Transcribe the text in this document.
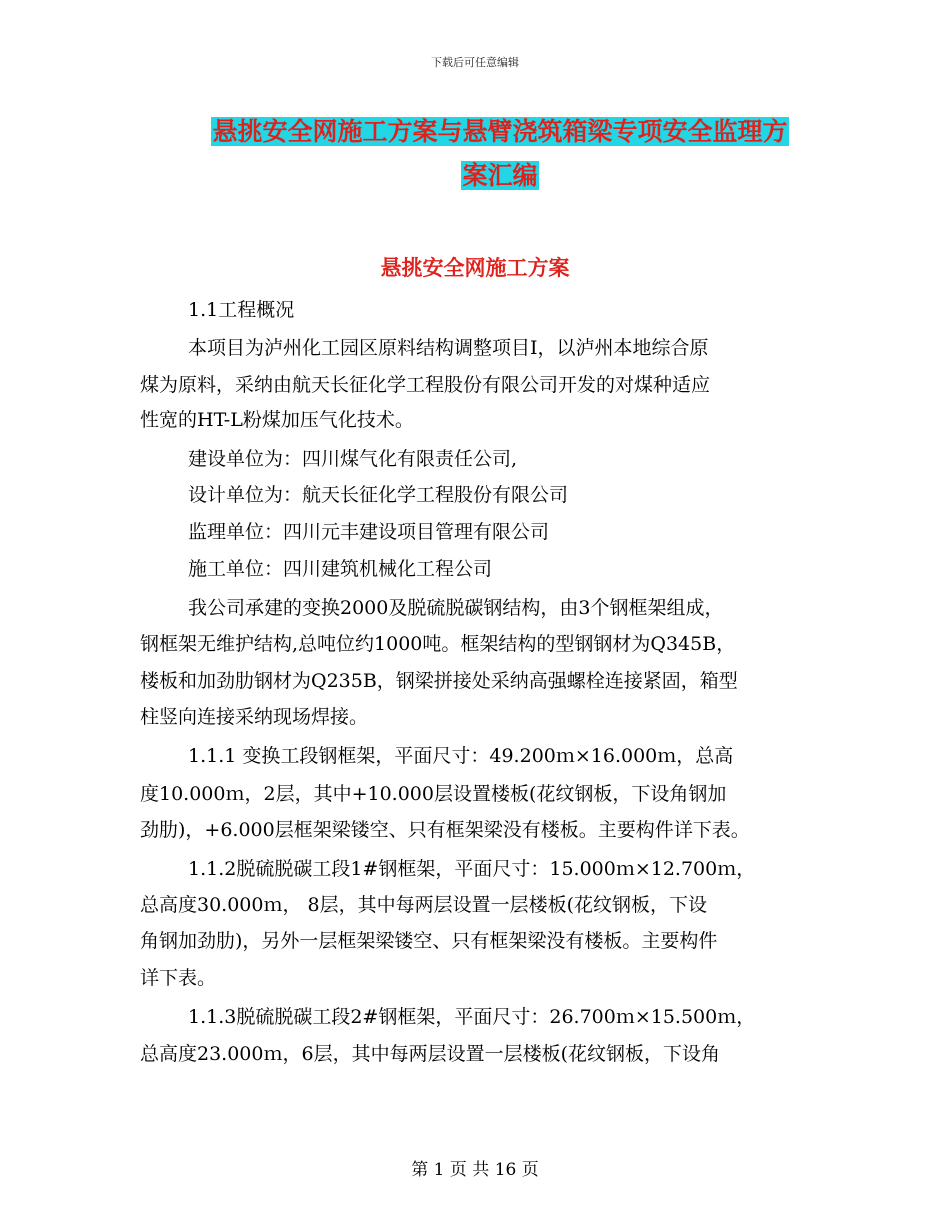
下载后可任意编辑
悬挑安全网施工方案与悬臂浇筑箱梁专项安全监理方
案汇编
悬挑安全网施工方案
1.1工程概况
本项目为泸州化工园区原料结构调整项目Ⅰ，以泸州本地综合原
煤为原料，采纳由航天长征化学工程股份有限公司开发的对煤种适应
性宽的HT-L粉煤加压气化技术。
建设单位为：四川煤气化有限责任公司,
设计单位为：航天长征化学工程股份有限公司
监理单位：四川元丰建设项目管理有限公司
施工单位：四川建筑机械化工程公司
我公司承建的变换2000及脱硫脱碳钢结构，由3个钢框架组成，
钢框架无维护结构,总吨位约1000吨。框架结构的型钢钢材为Q345B，
楼板和加劲肋钢材为Q235B，钢梁拼接处采纳高强螺栓连接紧固，箱型
柱竖向连接采纳现场焊接。
1.1.1 变换工段钢框架，平面尺寸：49.200ｍ×16.000ｍ，总高
度10.000ｍ，2层，其中+10.000层设置楼板(花纹钢板，下设角钢加
劲肋)，+6.000层框架梁镂空、只有框架梁没有楼板。主要构件详下表。
1.1.2脱硫脱碳工段1#钢框架，平面尺寸：15.000ｍ×12.700ｍ，
总高度30.000ｍ， 8层，其中每两层设置一层楼板(花纹钢板，下设
角钢加劲肋)，另外一层框架梁镂空、只有框架梁没有楼板。主要构件
详下表。
1.1.3脱硫脱碳工段2#钢框架，平面尺寸：26.700ｍ×15.500ｍ，
总高度23.000ｍ，6层，其中每两层设置一层楼板(花纹钢板，下设角
第 1 页 共 16 页
